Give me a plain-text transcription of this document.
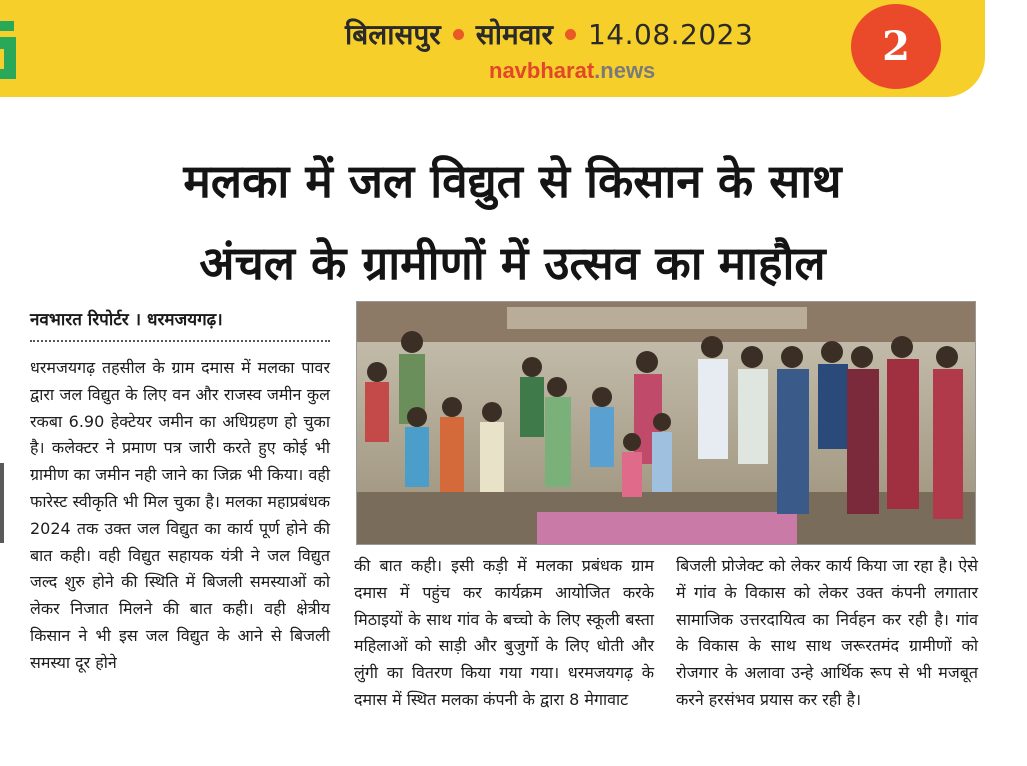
बिलासपुर सोमवार 14.08.2023
navbharat.news
2
मलका में जल विद्युत से किसान के साथ
अंचल के ग्रामीणों में उत्सव का माहौल
नवभारत रिपोर्टर । धरमजयगढ़।

धरमजयगढ़ तहसील के ग्राम दमास में मलका पावर द्वारा जल विद्युत के लिए वन और राजस्व जमीन कुल रकबा 6.90 हेक्टेयर जमीन का अधिग्रहण हो चुका है। कलेक्टर ने प्रमाण पत्र जारी करते हुए कोई भी ग्रामीण का जमीन नही जाने का जिक्र भी किया। वही फारेस्ट स्वीकृति भी मिल चुका है। मलका महाप्रबंधक 2024 तक उक्त जल विद्युत का कार्य पूर्ण होने की बात कही। वही विद्युत सहायक यंत्री ने जल विद्युत जल्द शुरु होने की स्थिति में बिजली समस्याओं को लेकर निजात मिलने की बात कही। वही क्षेत्रीय किसान ने भी इस जल विद्युत के आने से बिजली समस्या दूर होने

की बात कही। इसी कड़ी में मलका प्रबंधक ग्राम दमास में पहुंच कर कार्यक्रम आयोजित करके मिठाइयों के साथ गांव के बच्चो के लिए स्कूली बस्ता महिलाओं को साड़ी और बुजुर्गो के लिए धोती और लुंगी का वितरण किया गया गया। धरमजयगढ़ के दमास में स्थित मलका कंपनी के द्वारा 8 मेगावाट

बिजली प्रोजेक्ट को लेकर कार्य किया जा रहा है। ऐसे में गांव के विकास को लेकर उक्त कंपनी लगातार सामाजिक उत्तरदायित्व का निर्वहन कर रही है। गांव के विकास के साथ साथ जरूरतमंद ग्रामीणों को रोजगार के अलावा उन्हे आर्थिक रूप से भी मजबूत करने हरसंभव प्रयास कर रही है।
